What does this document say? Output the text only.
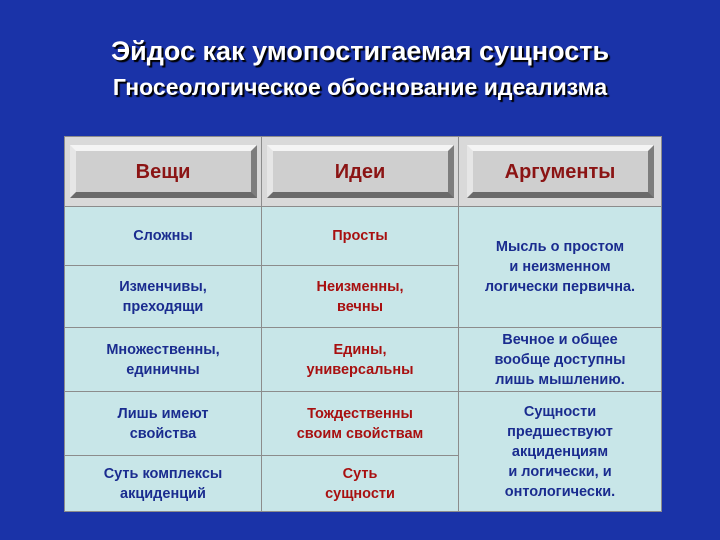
Эйдос как умопостигаемая сущность
Гносеологическое обоснование идеализма
Вещи	Идеи	Аргументы

Сложны	Просты	Мысль о простом
и неизменном
логически первична.

Изменчивы,
преходящи	Неизменны,
вечны	

Множественны,
единичны	Едины,
универсальны	Вечное и общее
вообще доступны
лишь мышлению.

Лишь имеют
свойства	Тождественны
своим свойствам	Сущности
предшествуют
акциденциям
и логически, и
онтологически.

Суть комплексы
акциденций	Суть
сущности	
